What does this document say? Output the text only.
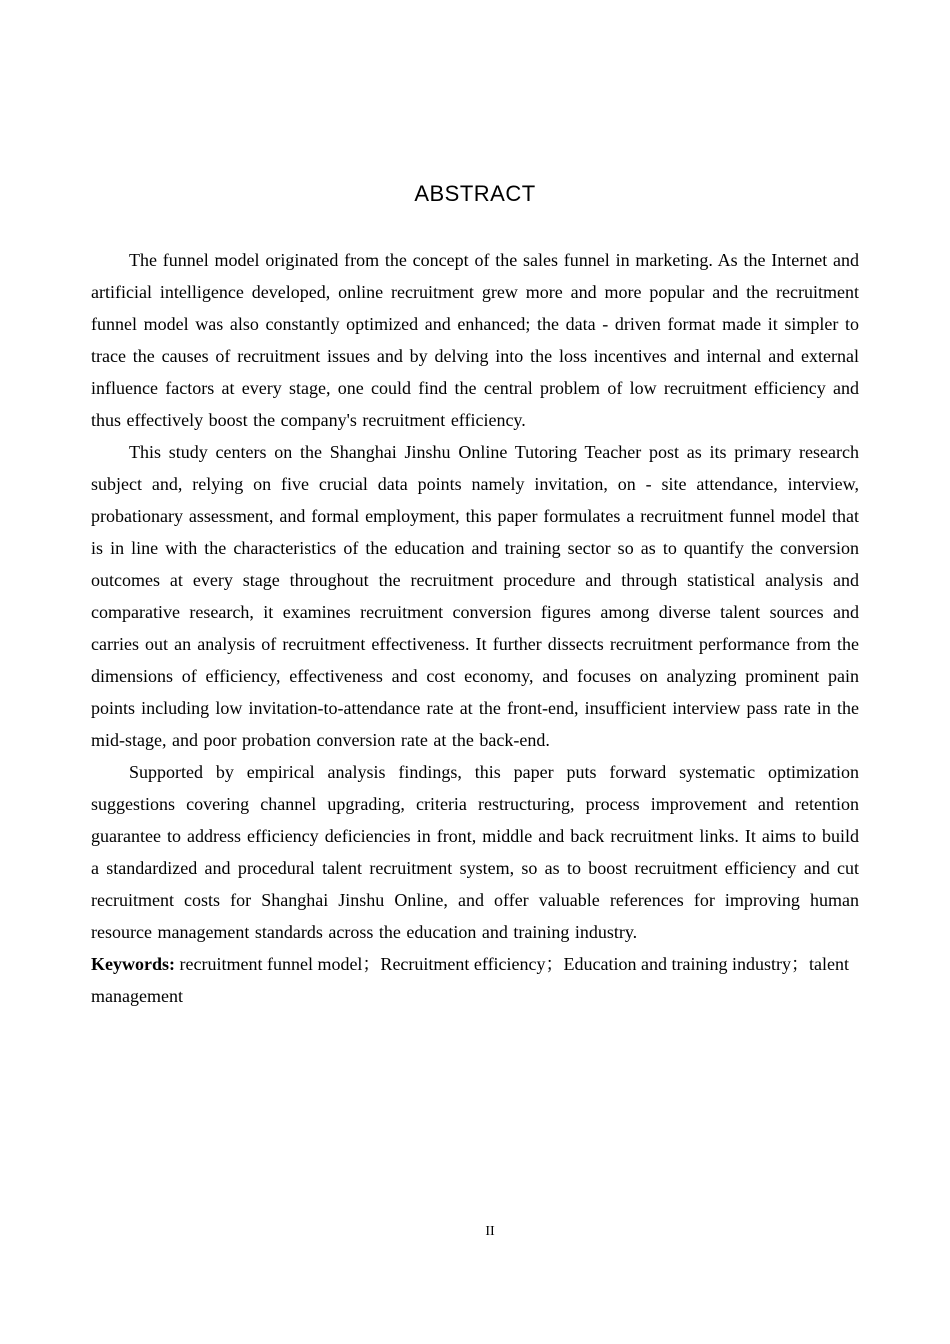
ABSTRACT

The funnel model originated from the concept of the sales funnel in marketing. As the Internet and artificial intelligence developed, online recruitment grew more and more popular and the recruitment funnel model was also constantly optimized and enhanced; the data - driven format made it simpler to trace the causes of recruitment issues and by delving into the loss incentives and internal and external influence factors at every stage, one could find the central problem of low recruitment efficiency and thus effectively boost the company's recruitment efficiency.

This study centers on the Shanghai Jinshu Online Tutoring Teacher post as its primary research subject and, relying on five crucial data points namely invitation, on - site attendance, interview, probationary assessment, and formal employment, this paper formulates a recruitment funnel model that is in line with the characteristics of the education and training sector so as to quantify the conversion outcomes at every stage throughout the recruitment procedure and through statistical analysis and comparative research, it examines recruitment conversion figures among diverse talent sources and carries out an analysis of recruitment effectiveness. It further dissects recruitment performance from the dimensions of efficiency, effectiveness and cost economy, and focuses on analyzing prominent pain points including low invitation-to-attendance rate at the front-end, insufficient interview pass rate in the mid-stage, and poor probation conversion rate at the back-end.

Supported by empirical analysis findings, this paper puts forward systematic optimization suggestions covering channel upgrading, criteria restructuring, process improvement and retention guarantee to address efficiency deficiencies in front, middle and back recruitment links. It aims to build a standardized and procedural talent recruitment system, so as to boost recruitment efficiency and cut recruitment costs for Shanghai Jinshu Online, and offer valuable references for improving human resource management standards across the education and training industry.

Keywords: recruitment funnel model；Recruitment efficiency；Education and training industry；talent management

II
